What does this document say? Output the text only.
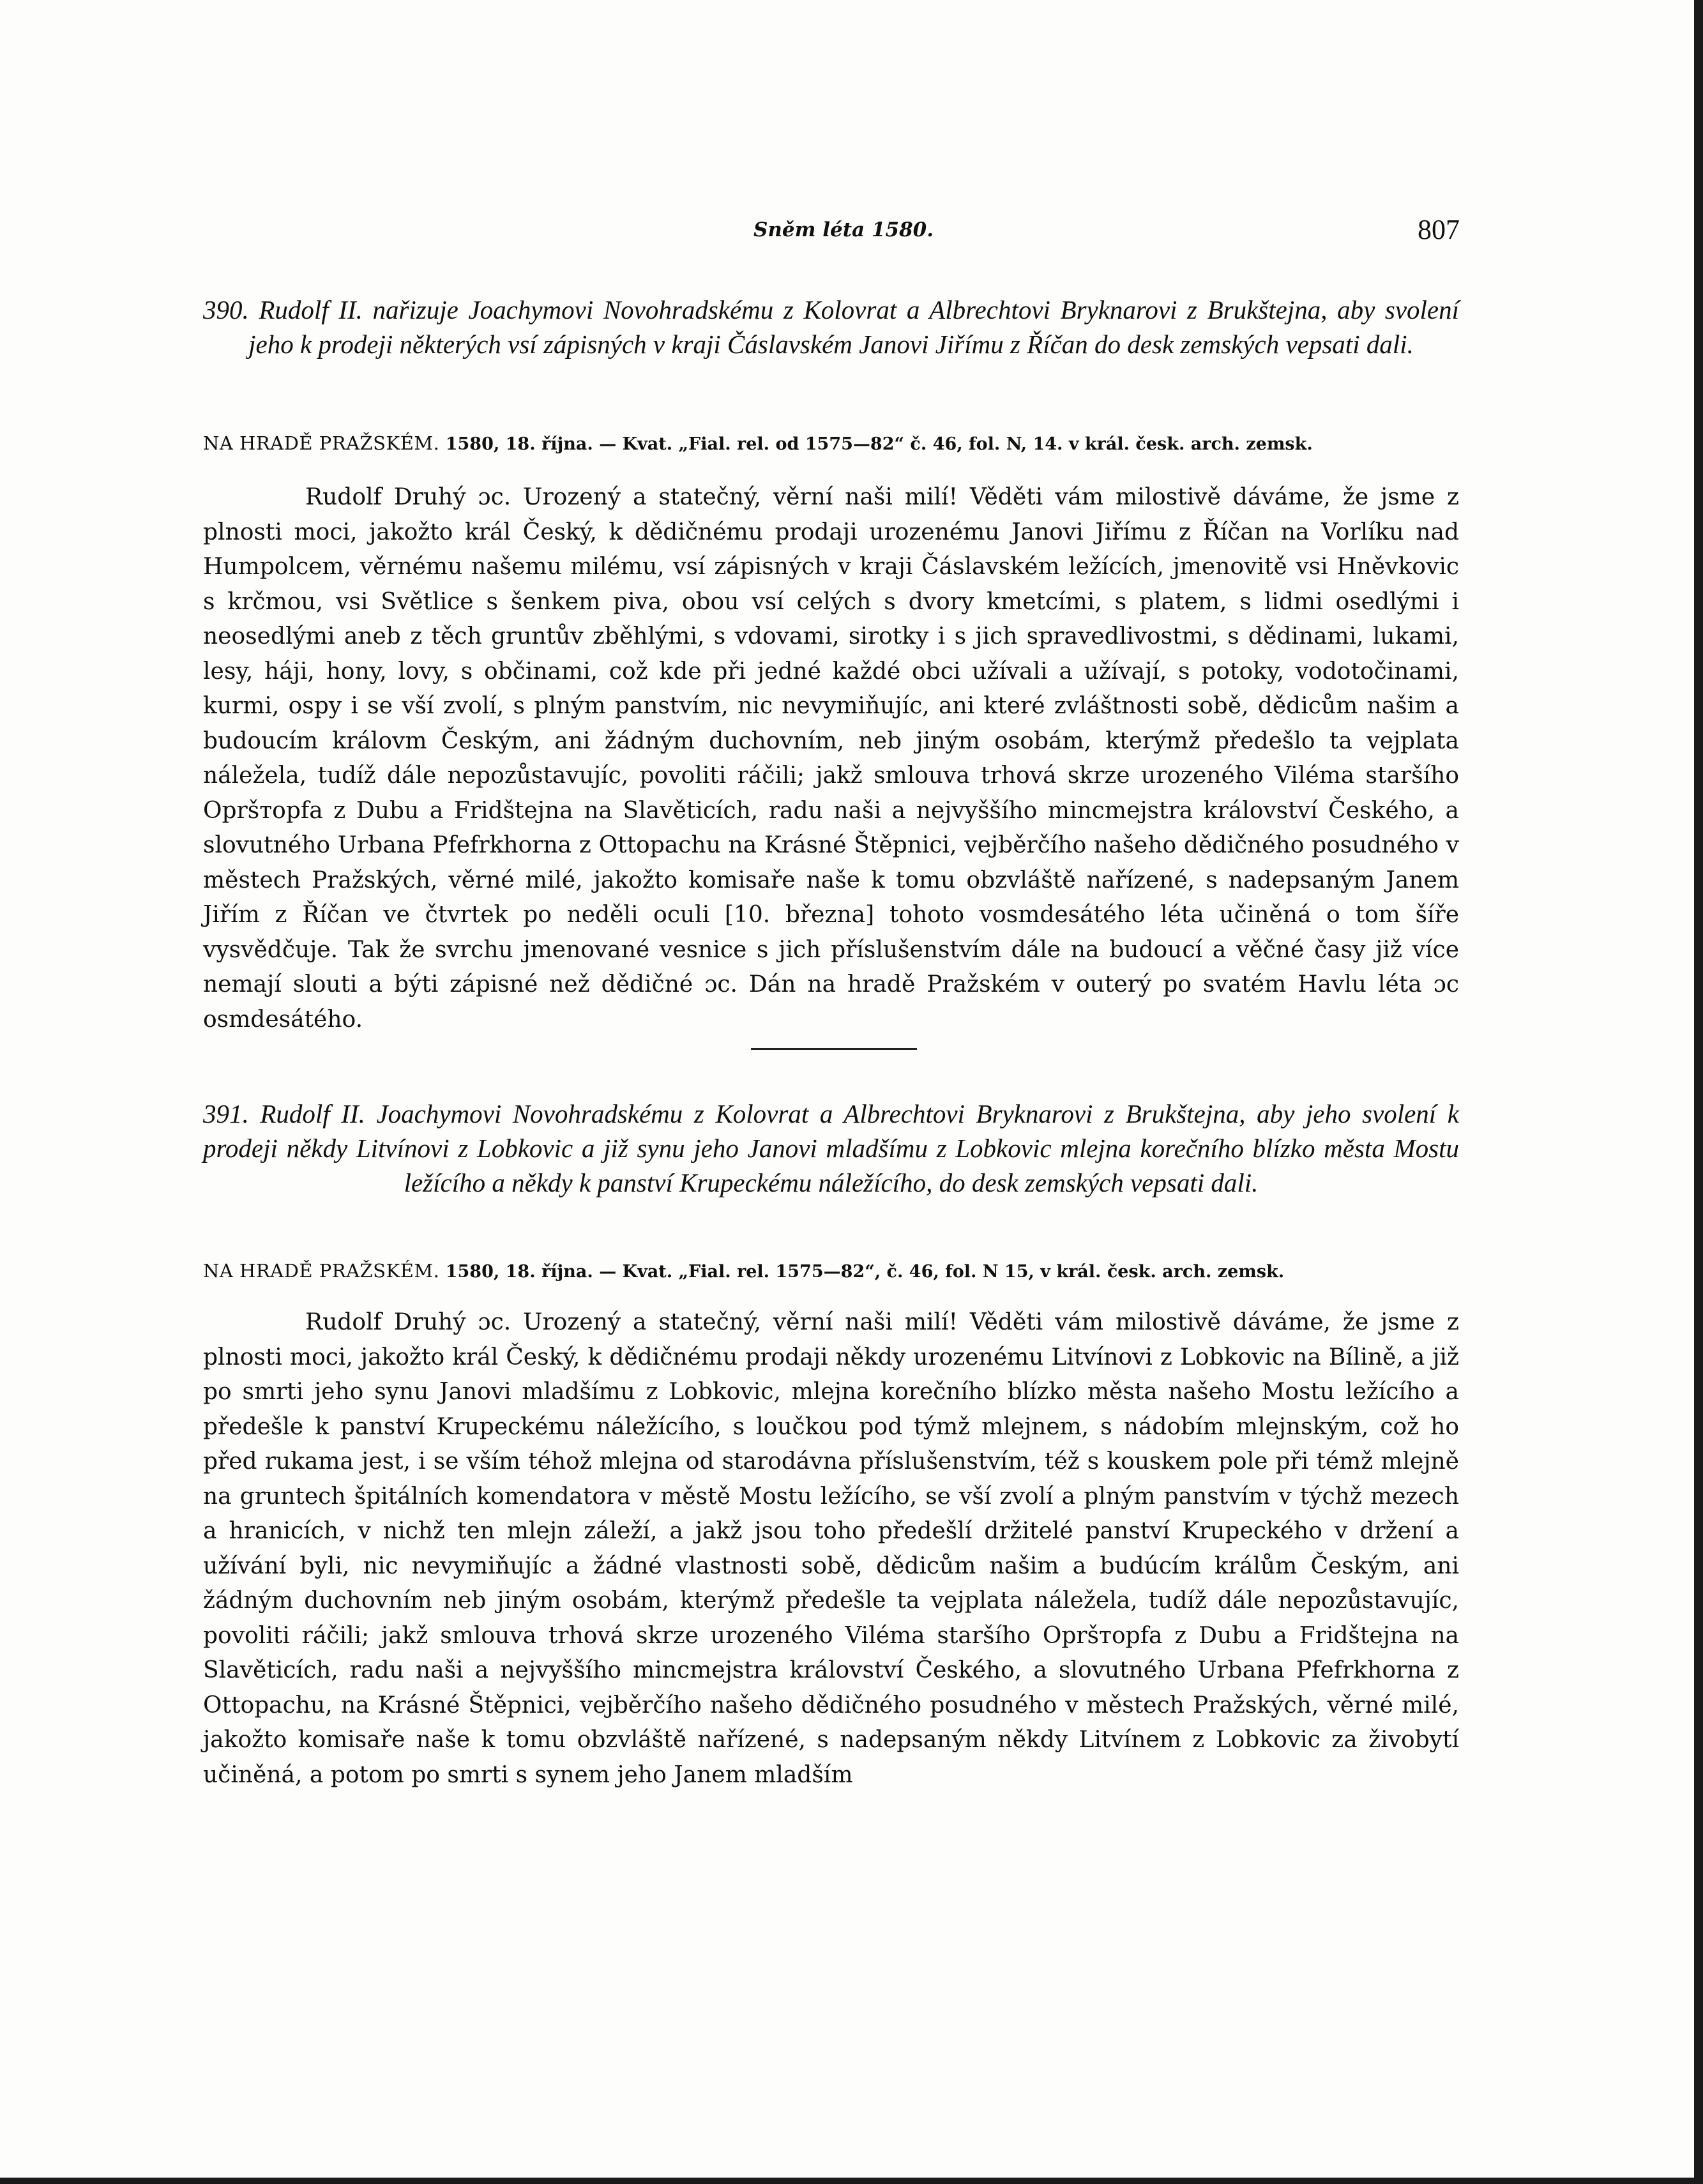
Sněm léta 1580.	807

390. Rudolf II. nařizuje Joachymovi Novohradskému z Kolovrat a Albrechtovi Bryknarovi z Brukštejna, aby svolení jeho k prodeji některých vsí zápisných v kraji Čáslavském Janovi Jiřímu z Říčan do desk zemských vepsati dali.

NA HRADĚ PRAŽSKÉM. 1580, 18. října. — Kvat. „Fial. rel. od 1575—82“ č. 46, fol. N, 14. v král. česk. arch. zemsk.

Rudolf Druhý ɔc. Urozený a statečný, věrní naši milí! Věděti vám milostivě dáváme, že jsme z plnosti moci, jakožto král Český, k dědičnému prodaji urozenému Janovi Jiřímu z Říčan na Vorlíku nad Humpolcem, věrnému našemu milému, vsí zápisných v kraji Čáslavském ležících, jmenovitě vsi Hněvkovic s krčmou, vsi Světlice s šenkem piva, obou vsí celých s dvory kmetcími, s platem, s lidmi osedlými i neosedlými aneb z těch gruntův zběhlými, s vdovami, sirotky i s jich spravedlivostmi, s dědinami, lukami, lesy, háji, hony, lovy, s občinami, což kde při jedné každé obci užívali a užívají, s potoky, vodotočinami, kurmi, ospy i se vší zvolí, s plným panstvím, nic nevymiňujíc, ani které zvláštnosti sobě, dědicům našim a budoucím královm Českým, ani žádným duchovním, neb jiným osobám, kterýmž předešlo ta vejplata náležela, tudíž dále nepozůstavujíc, povoliti ráčili; jakž smlouva trhová skrze urozeného Viléma staršího Opršторfa z Dubu a Fridštejna na Slavěticích, radu naši a nejvyššího mincmejstra království Českého, a slovutného Urbana Pfefrkhorna z Ottopachu na Krásné Štěpnici, vejběrčího našeho dědičného posudného v městech Pražských, věrné milé, jakožto komisaře naše k tomu obzvláště nařízené, s nadepsaným Janem Jiřím z Říčan ve čtvrtek po neděli oculi [10. března] tohoto vosmdesátého léta učiněná o tom šíře vysvědčuje. Tak že svrchu jmenované vesnice s jich příslušenstvím dále na budoucí a věčné časy již více nemají slouti a býti zápisné než dědičné ɔc. Dán na hradě Pražském v outerý po svatém Havlu léta ɔc osmdesátého.

391. Rudolf II. Joachymovi Novohradskému z Kolovrat a Albrechtovi Bryknarovi z Brukštejna, aby jeho svolení k prodeji někdy Litvínovi z Lobkovic a již synu jeho Janovi mladšímu z Lobkovic mlejna korečního blízko města Mostu ležícího a někdy k panství Krupeckému náležícího, do desk zemských vepsati dali.

NA HRADĚ PRAŽSKÉM. 1580, 18. října. — Kvat. „Fial. rel. 1575—82“, č. 46, fol. N 15, v král. česk. arch. zemsk.

Rudolf Druhý ɔc. Urozený a statečný, věrní naši milí! Věděti vám milostivě dáváme, že jsme z plnosti moci, jakožto král Český, k dědičnému prodaji někdy urozenému Litvínovi z Lobkovic na Bílině, a již po smrti jeho synu Janovi mladšímu z Lobkovic, mlejna korečního blízko města našeho Mostu ležícího a předešle k panství Krupeckému náležícího, s loučkou pod týmž mlejnem, s nádobím mlejnským, což ho před rukama jest, i se vším téhož mlejna od starodávna příslušenstvím, též s kouskem pole při témž mlejně na gruntech špitálních komendatora v městě Mostu ležícího, se vší zvolí a plným panstvím v týchž mezech a hranicích, v nichž ten mlejn záleží, a jakž jsou toho předešlí držitelé panství Krupeckého v držení a užívání byli, nic nevymiňujíc a žádné vlastnosti sobě, dědicům našim a budúcím králům Českým, ani žádným duchovním neb jiným osobám, kterýmž předešle ta vejplata náležela, tudíž dále nepozůstavujíc, povoliti ráčili; jakž smlouva trhová skrze urozeného Viléma staršího Opršторfa z Dubu a Fridštejna na Slavěticích, radu naši a nejvyššího mincmejstra království Českého, a slovutného Urbana Pfefrkhorna z Ottopachu, na Krásné Štěpnici, vejběrčího našeho dědičného posudného v městech Pražských, věrné milé, jakožto komisaře naše k tomu obzvláště nařízené, s nadepsaným někdy Litvínem z Lobkovic za živobytí učiněná, a potom po smrti s synem jeho Janem mladším
